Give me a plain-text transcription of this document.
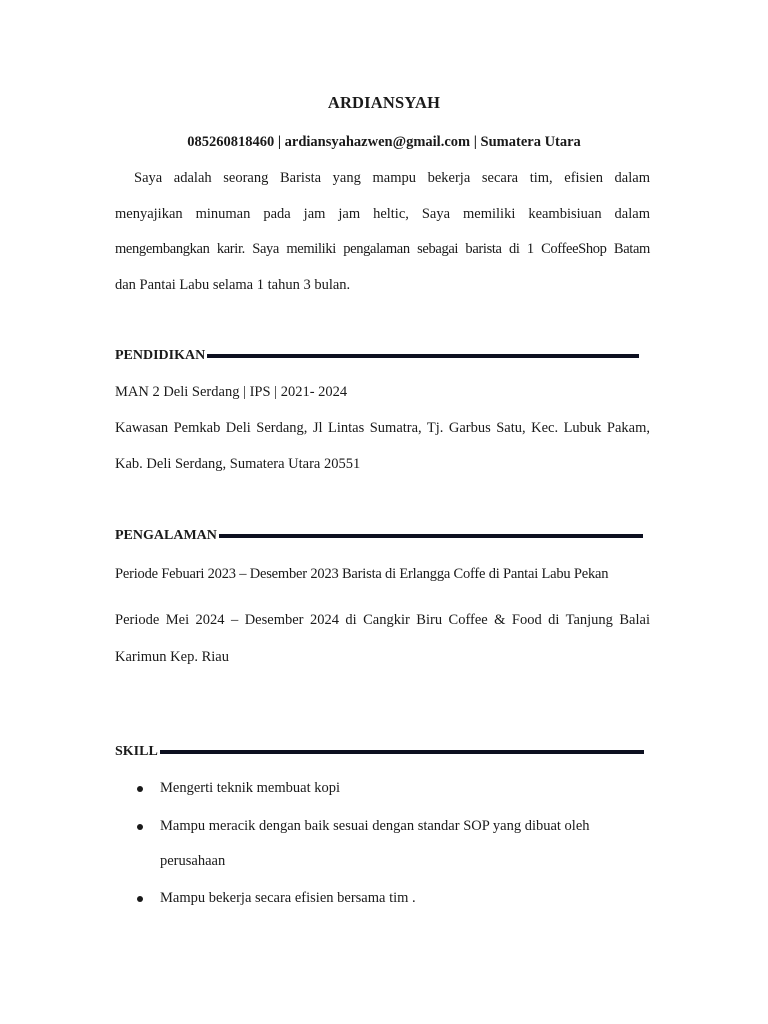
ARDIANSYAH
085260818460 | ardiansyahazwen@gmail.com | Sumatera Utara
Saya adalah seorang Barista yang mampu bekerja secara tim, efisien dalam
menyajikan minuman pada jam jam heltic, Saya memiliki keambisiuan dalam
mengembangkan karir. Saya memiliki pengalaman sebagai barista di 1 CoffeeShop Batam
dan Pantai Labu selama 1 tahun 3 bulan.
PENDIDIKAN
MAN 2 Deli Serdang | IPS | 2021- 2024
Kawasan Pemkab Deli Serdang, Jl Lintas Sumatra, Tj. Garbus Satu, Kec. Lubuk Pakam,
Kab. Deli Serdang, Sumatera Utara 20551
PENGALAMAN
Periode Febuari 2023 – Desember 2023 Barista di Erlangga Coffe di Pantai Labu Pekan
Periode Mei 2024 – Desember 2024 di Cangkir Biru Coffee & Food di Tanjung Balai
Karimun Kep. Riau
SKILL
Mengerti teknik membuat kopi
Mampu meracik dengan baik sesuai dengan standar SOP yang dibuat oleh
perusahaan
Mampu bekerja secara efisien bersama tim .
